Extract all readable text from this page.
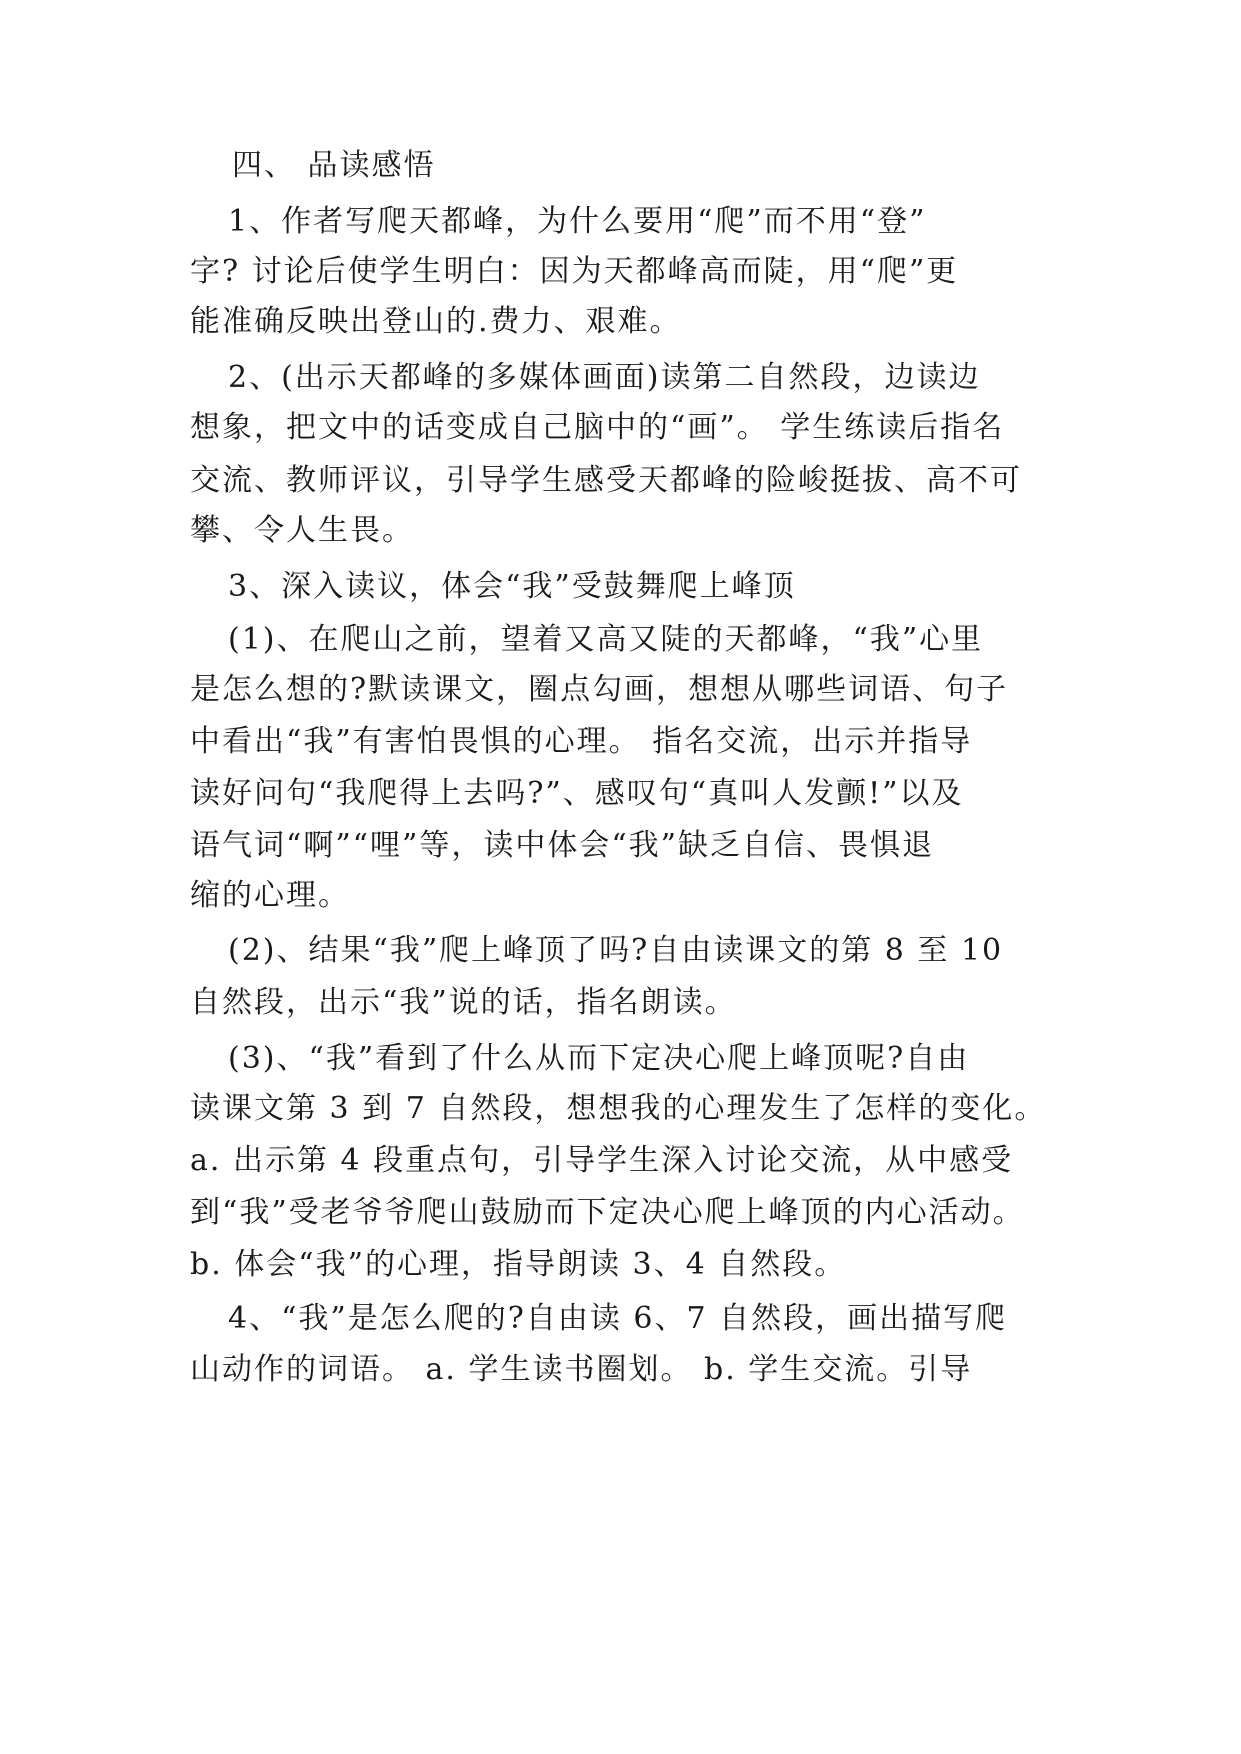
四、 品读感悟
1、作者写爬天都峰，为什么要用“爬”而不用“登”
字? 讨论后使学生明白：因为天都峰高而陡，用“爬”更
能准确反映出登山的.费力、艰难。
2、(出示天都峰的多媒体画面)读第二自然段，边读边
想象，把文中的话变成自己脑中的“画”。 学生练读后指名
交流、教师评议，引导学生感受天都峰的险峻挺拔、高不可
攀、令人生畏。
3、深入读议，体会“我”受鼓舞爬上峰顶
(1)、在爬山之前，望着又高又陡的天都峰，“我”心里
是怎么想的?默读课文，圈点勾画，想想从哪些词语、句子
中看出“我”有害怕畏惧的心理。 指名交流，出示并指导
读好问句“我爬得上去吗?”、感叹句“真叫人发颤!”以及
语气词“啊”“哩”等，读中体会“我”缺乏自信、畏惧退
缩的心理。
(2)、结果“我”爬上峰顶了吗?自由读课文的第 8 至 10
自然段，出示“我”说的话，指名朗读。
(3)、“我”看到了什么从而下定决心爬上峰顶呢?自由
读课文第 3 到 7 自然段，想想我的心理发生了怎样的变化。
a. 出示第 4 段重点句，引导学生深入讨论交流，从中感受
到“我”受老爷爷爬山鼓励而下定决心爬上峰顶的内心活动。
b. 体会“我”的心理，指导朗读 3、4 自然段。
4、“我”是怎么爬的?自由读 6、7 自然段，画出描写爬
山动作的词语。 a. 学生读书圈划。 b. 学生交流。引导
